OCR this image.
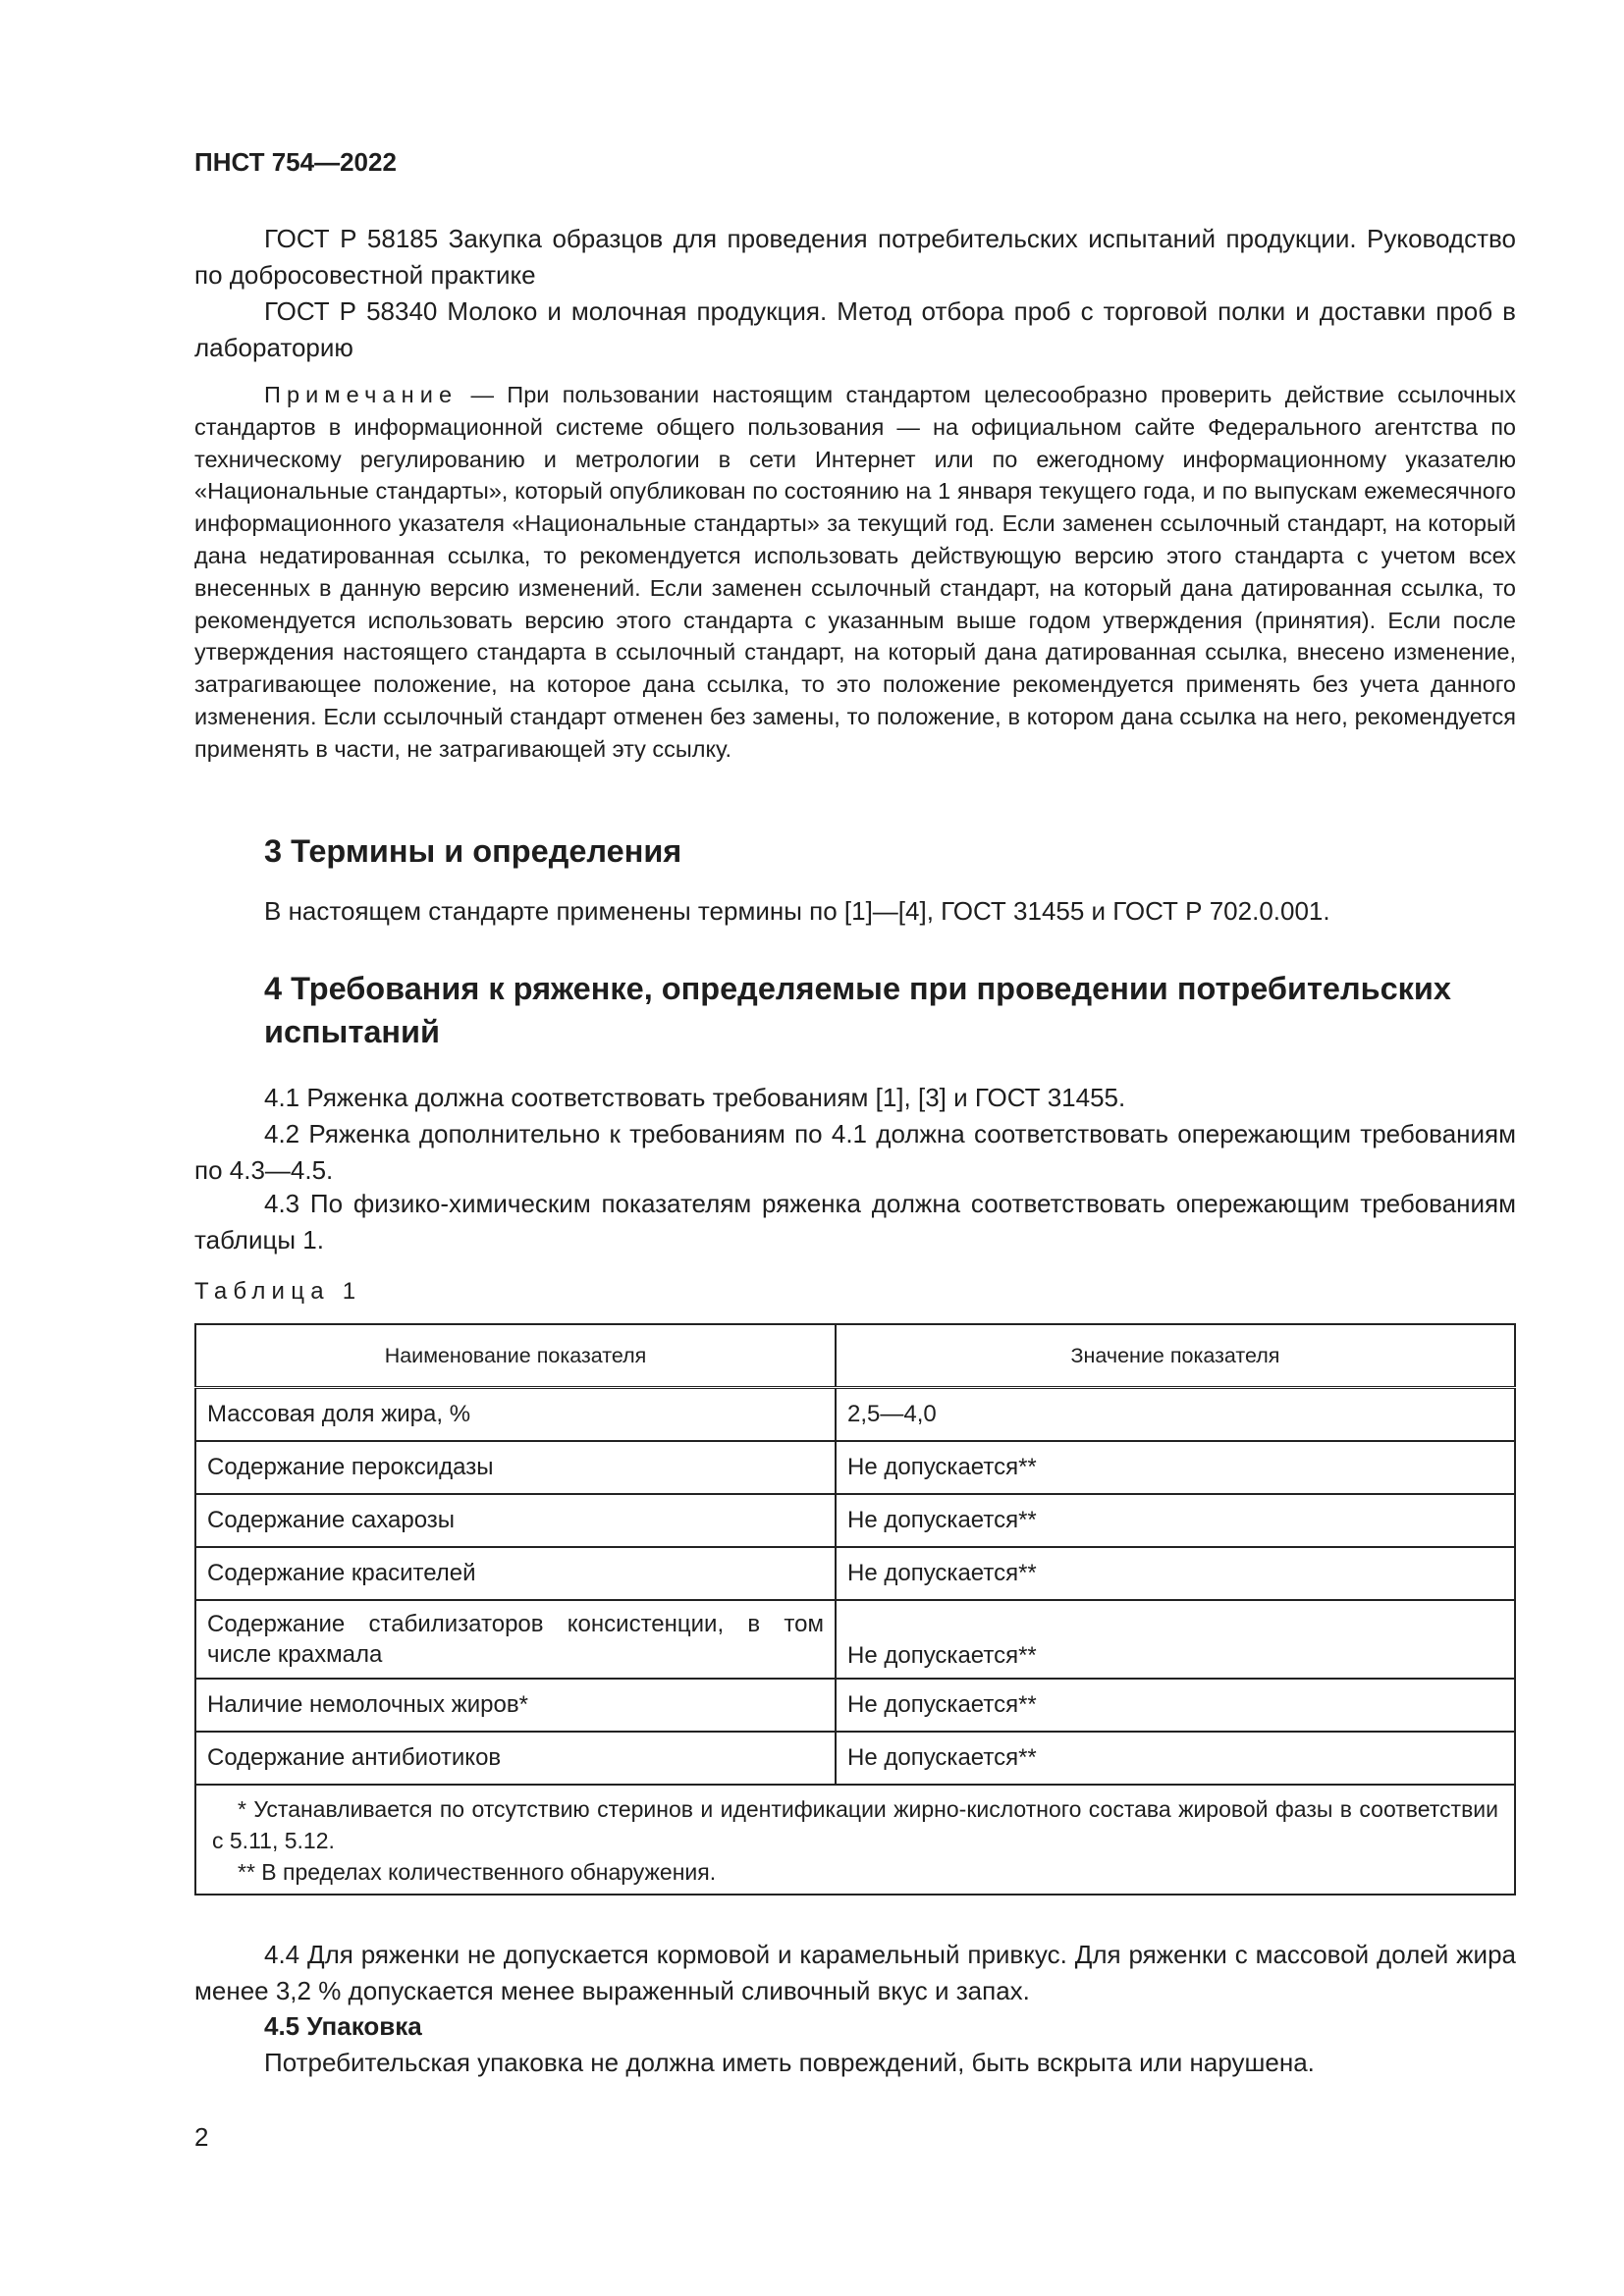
ПНСТ 754—2022

ГОСТ Р 58185 Закупка образцов для проведения потребительских испытаний продукции. Руководство по добросовестной практике

ГОСТ Р 58340 Молоко и молочная продукция. Метод отбора проб с торговой полки и доставки проб в лабораторию

Примечание — При пользовании настоящим стандартом целесообразно проверить действие ссылочных стандартов в информационной системе общего пользования — на официальном сайте Федерального агентства по техническому регулированию и метрологии в сети Интернет или по ежегодному информационному указателю «Национальные стандарты», который опубликован по состоянию на 1 января текущего года, и по выпускам ежемесячного информационного указателя «Национальные стандарты» за текущий год. Если заменен ссылочный стандарт, на который дана недатированная ссылка, то рекомендуется использовать действующую версию этого стандарта с учетом всех внесенных в данную версию изменений. Если заменен ссылочный стандарт, на который дана датированная ссылка, то рекомендуется использовать версию этого стандарта с указанным выше годом утверждения (принятия). Если после утверждения настоящего стандарта в ссылочный стандарт, на который дана датированная ссылка, внесено изменение, затрагивающее положение, на которое дана ссылка, то это положение рекомендуется применять без учета данного изменения. Если ссылочный стандарт отменен без замены, то положение, в котором дана ссылка на него, рекомендуется применять в части, не затрагивающей эту ссылку.

3 Термины и определения

В настоящем стандарте применены термины по [1]—[4], ГОСТ 31455 и ГОСТ Р 702.0.001.

4 Требования к ряженке, определяемые при проведении потребительских испытаний

4.1 Ряженка должна соответствовать требованиям [1], [3] и ГОСТ 31455.

4.2 Ряженка дополнительно к требованиям по 4.1 должна соответствовать опережающим требованиям по 4.3—4.5.

4.3 По физико-химическим показателям ряженка должна соответствовать опережающим требованиям таблицы 1.

Таблица 1

Наименование показателя	Значение показателя
Массовая доля жира, %	2,5—4,0
Содержание пероксидазы	Не допускается**
Содержание сахарозы	Не допускается**
Содержание красителей	Не допускается**
Содержание стабилизаторов консистенции, в том числе крахмала	Не допускается**
Наличие немолочных жиров*	Не допускается**
Содержание антибиотиков	Не допускается**

* Устанавливается по отсутствию стеринов и идентификации жирно-кислотного состава жировой фазы в соответствии с 5.11, 5.12.

** В пределах количественного обнаружения.	

4.4 Для ряженки не допускается кормовой и карамельный привкус. Для ряженки с массовой долей жира менее 3,2 % допускается менее выраженный сливочный вкус и запах.

4.5 Упаковка

Потребительская упаковка не должна иметь повреждений, быть вскрыта или нарушена.

2
